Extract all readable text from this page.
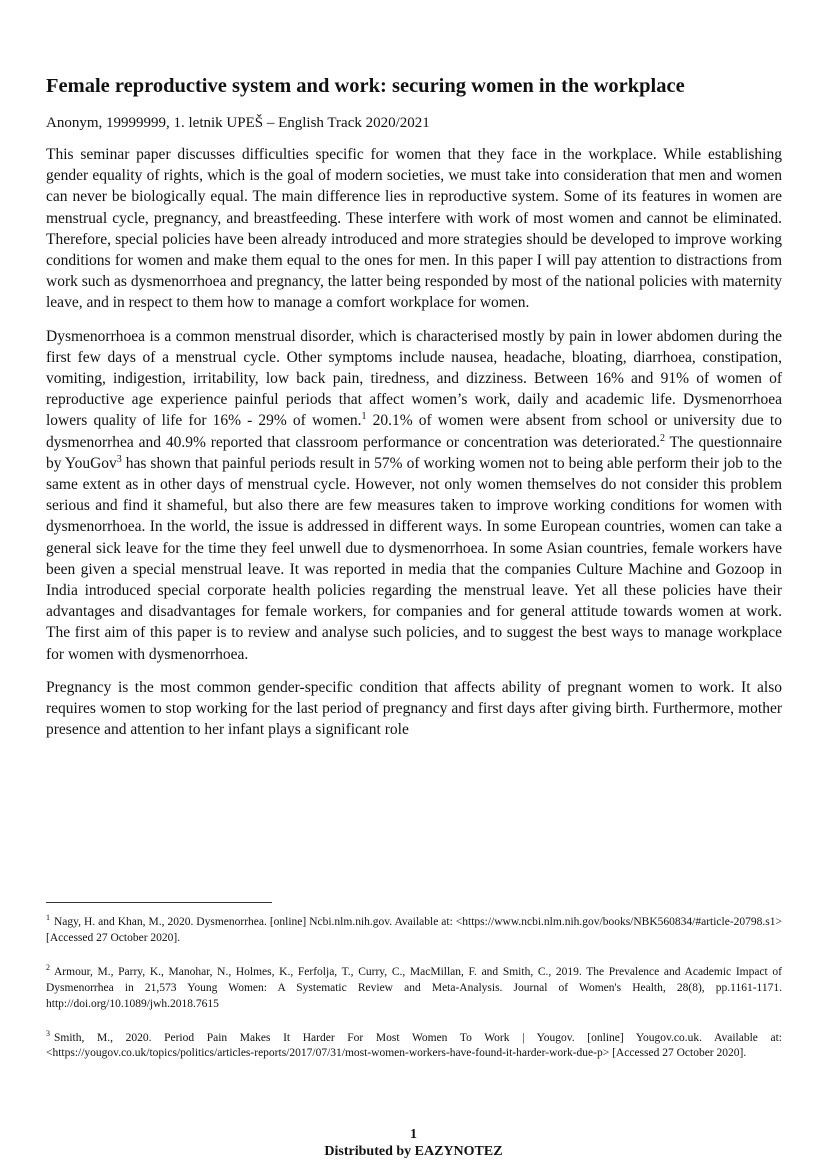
Female reproductive system and work: securing women in the workplace
Anonym, 19999999, 1. letnik UPEŠ – English Track 2020/2021

This seminar paper discusses difficulties specific for women that they face in the workplace. While establishing gender equality of rights, which is the goal of modern societies, we must take into consideration that men and women can never be biologically equal. The main difference lies in reproductive system. Some of its features in women are menstrual cycle, pregnancy, and breastfeeding. These interfere with work of most women and cannot be eliminated. Therefore, special policies have been already introduced and more strategies should be developed to improve working conditions for women and make them equal to the ones for men. In this paper I will pay attention to distractions from work such as dysmenorrhoea and pregnancy, the latter being responded by most of the national policies with maternity leave, and in respect to them how to manage a comfort workplace for women.

Dysmenorrhoea is a common menstrual disorder, which is characterised mostly by pain in lower abdomen during the first few days of a menstrual cycle. Other symptoms include nausea, headache, bloating, diarrhoea, constipation, vomiting, indigestion, irritability, low back pain, tiredness, and dizziness. Between 16% and 91% of women of reproductive age experience painful periods that affect women’s work, daily and academic life. Dysmenorrhoea lowers quality of life for 16% - 29% of women.$^1$ 20.1% of women were absent from school or university due to dysmenorrhea and 40.9% reported that classroom performance or concentration was deteriorated.$^2$ The questionnaire by YouGov$^3$ has shown that painful periods result in 57% of working women not to being able perform their job to the same extent as in other days of menstrual cycle. However, not only women themselves do not consider this problem serious and find it shameful, but also there are few measures taken to improve working conditions for women with dysmenorrhoea. In the world, the issue is addressed in different ways. In some European countries, women can take a general sick leave for the time they feel unwell due to dysmenorrhoea. In some Asian countries, female workers have been given a special menstrual leave. It was reported in media that the companies Culture Machine and Gozoop in India introduced special corporate health policies regarding the menstrual leave. Yet all these policies have their advantages and disadvantages for female workers, for companies and for general attitude towards women at work. The first aim of this paper is to review and analyse such policies, and to suggest the best ways to manage workplace for women with dysmenorrhoea.

Pregnancy is the most common gender-specific condition that affects ability of pregnant women to work. It also requires women to stop working for the last period of pregnancy and first days after giving birth. Furthermore, mother presence and attention to her infant plays a significant role

$^1$ Nagy, H. and Khan, M., 2020. Dysmenorrhea. [online] Ncbi.nlm.nih.gov. Available at: <https://www.ncbi.nlm.nih.gov/books/NBK560834/#article-20798.s1> [Accessed 27 October 2020].
$^2$ Armour, M., Parry, K., Manohar, N., Holmes, K., Ferfolja, T., Curry, C., MacMillan, F. and Smith, C., 2019. The Prevalence and Academic Impact of Dysmenorrhea in 21,573 Young Women: A Systematic Review and Meta-Analysis. Journal of Women's Health, 28(8), pp.1161-1171. http://doi.org/10.1089/jwh.2018.7615
$^3$ Smith, M., 2020. Period Pain Makes It Harder For Most Women To Work | Yougov. [online] Yougov.co.uk. Available at: <https://yougov.co.uk/topics/politics/articles-reports/2017/07/31/most-women-workers-have-found-it-harder-work-due-p> [Accessed 27 October 2020].
1
Distributed by EAZYNOTEZ
